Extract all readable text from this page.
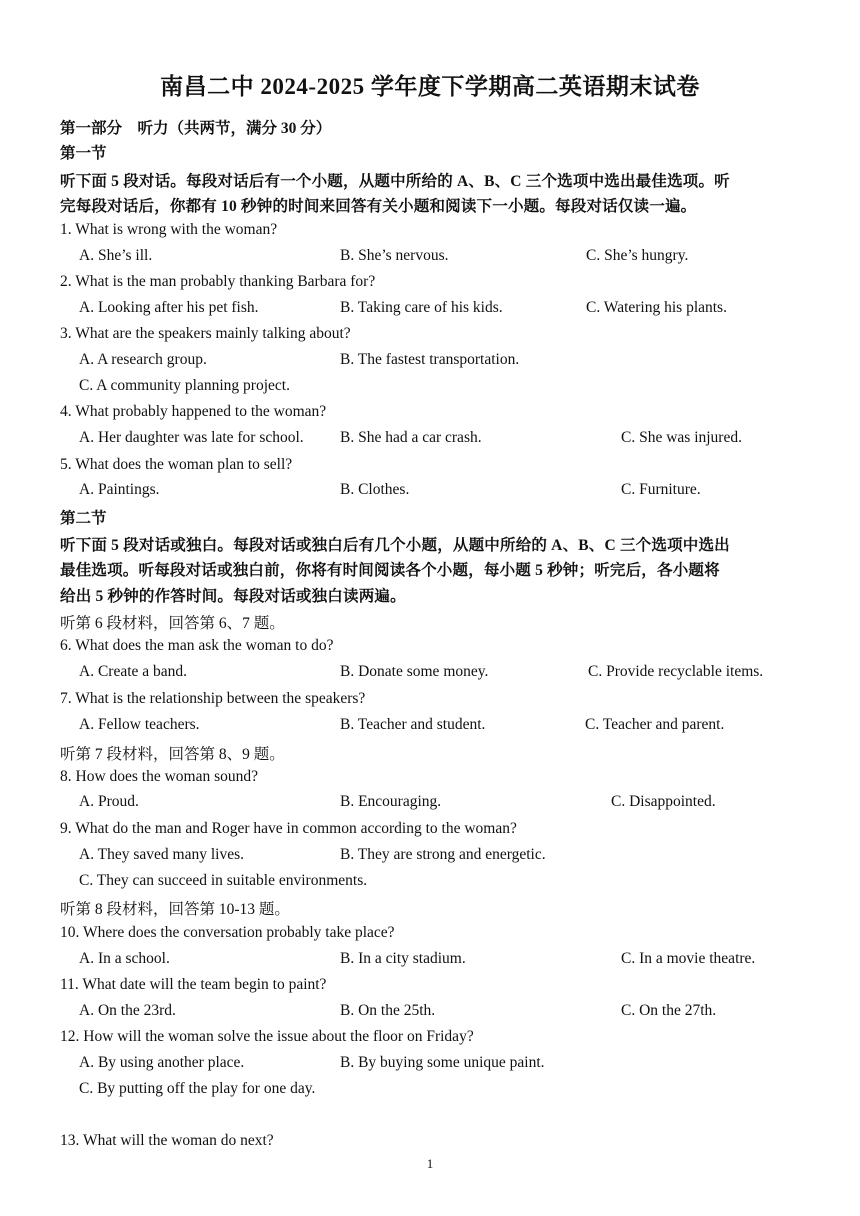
南昌二中 2024-2025 学年度下学期高二英语期末试卷
第一部分　听力（共两节，满分 30 分）
第一节
听下面 5 段对话。每段对话后有一个小题，从题中所给的 A、B、C 三个选项中选出最佳选项。听
完每段对话后，你都有 10 秒钟的时间来回答有关小题和阅读下一小题。每段对话仅读一遍。
1. What is wrong with the woman?
A. She’s ill.	B. She’s nervous.	C. She’s hungry.
2. What is the man probably thanking Barbara for?
A. Looking after his pet fish.	B. Taking care of his kids.	C. Watering his plants.
3. What are the speakers mainly talking about?
A. A research group.	B. The fastest transportation.
C. A community planning project.
4. What probably happened to the woman?
A. Her daughter was late for school. B. She had a car crash.	C. She was injured.
5. What does the woman plan to sell?
A. Paintings.	B. Clothes.	C. Furniture.
第二节
听下面 5 段对话或独白。每段对话或独白后有几个小题，从题中所给的 A、B、C 三个选项中选出
最佳选项。听每段对话或独白前，你将有时间阅读各个小题，每小题 5 秒钟；听完后，各小题将
给出 5 秒钟的作答时间。每段对话或独白读两遍。
听第 6 段材料，回答第 6、7 题。
6. What does the man ask the woman to do?
A. Create a band.	B. Donate some money.	C. Provide recyclable items.
7. What is the relationship between the speakers?
A. Fellow teachers.	B. Teacher and student.	C. Teacher and parent.
听第 7 段材料，回答第 8、9 题。
8. How does the woman sound?
A. Proud.	B. Encouraging.	C. Disappointed.
9. What do the man and Roger have in common according to the woman?
A. They saved many lives.	B. They are strong and energetic.
C. They can succeed in suitable environments.
听第 8 段材料，回答第 10-13 题。
10. Where does the conversation probably take place?
A. In a school.	B. In a city stadium.	C. In a movie theatre.
11. What date will the team begin to paint?
A. On the 23rd.	B. On the 25th.	C. On the 27th.
12. How will the woman solve the issue about the floor on Friday?
A. By using another place.	B. By buying some unique paint.
C. By putting off the play for one day.
13. What will the woman do next?
1
